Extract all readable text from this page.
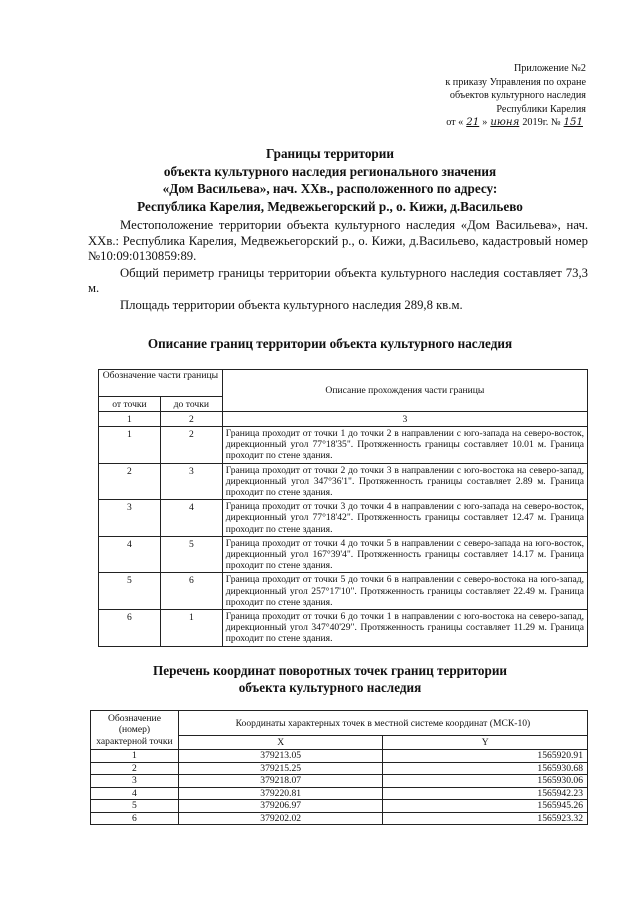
Приложение №2
к приказу Управления по охране
объектов культурного наследия
Республики Карелия
от « 21 » июня 2019г. № 151
Границы территории
объекта культурного наследия регионального значения
«Дом Васильева», нач. XXв., расположенного по адресу:
Республика Карелия, Медвежьегорский р., о. Кижи, д.Васильево

Местоположение территории объекта культурного наследия «Дом Васильева», нач. XXв.: Республика Карелия, Медвежьегорский р., о. Кижи, д.Васильево, кадастровый номер №10:09:0130859:89.

Общий периметр границы территории объекта культурного наследия составляет 73,3 м.

Площадь территории объекта культурного наследия 289,8 кв.м.

Описание границ территории объекта культурного наследия
Обозначение части границы		Описание прохождения части границы
от точки	до точки	
1	2	3
1	2	Граница проходит от точки 1 до точки 2 в направлении с юго-запада на северо-восток, дирекционный угол 77°18'35". Протяженность границы составляет 10.01 м. Граница проходит по стене здания.
2	3	Граница проходит от точки 2 до точки 3 в направлении с юго-востока на северо-запад, дирекционный угол 347°36'1". Протяженность границы составляет 2.89 м. Граница проходит по стене здания.
3	4	Граница проходит от точки 3 до точки 4 в направлении с юго-запада на северо-восток, дирекционный угол 77°18'42". Протяженность границы составляет 12.47 м. Граница проходит по стене здания.
4	5	Граница проходит от точки 4 до точки 5 в направлении с северо-запада на юго-восток, дирекционный угол 167°39'4". Протяженность границы составляет 14.17 м. Граница проходит по стене здания.
5	6	Граница проходит от точки 5 до точки 6 в направлении с северо-востока на юго-запад, дирекционный угол 257°17'10". Протяженность границы составляет 22.49 м. Граница проходит по стене здания.
6	1	Граница проходит от точки 6 до точки 1 в направлении с юго-востока на северо-запад, дирекционный угол 347°40'29". Протяженность границы составляет 11.29 м. Граница проходит по стене здания.
Перечень координат поворотных точек границ территории
объекта культурного наследия
Обозначение (номер) характерной точки	Координаты характерных точек в местной системе координат (МСК-10)	
	X	Y
1	379213.05	1565920.91
2	379215.25	1565930.68
3	379218.07	1565930.06
4	379220.81	1565942.23
5	379206.97	1565945.26
6	379202.02	1565923.32
